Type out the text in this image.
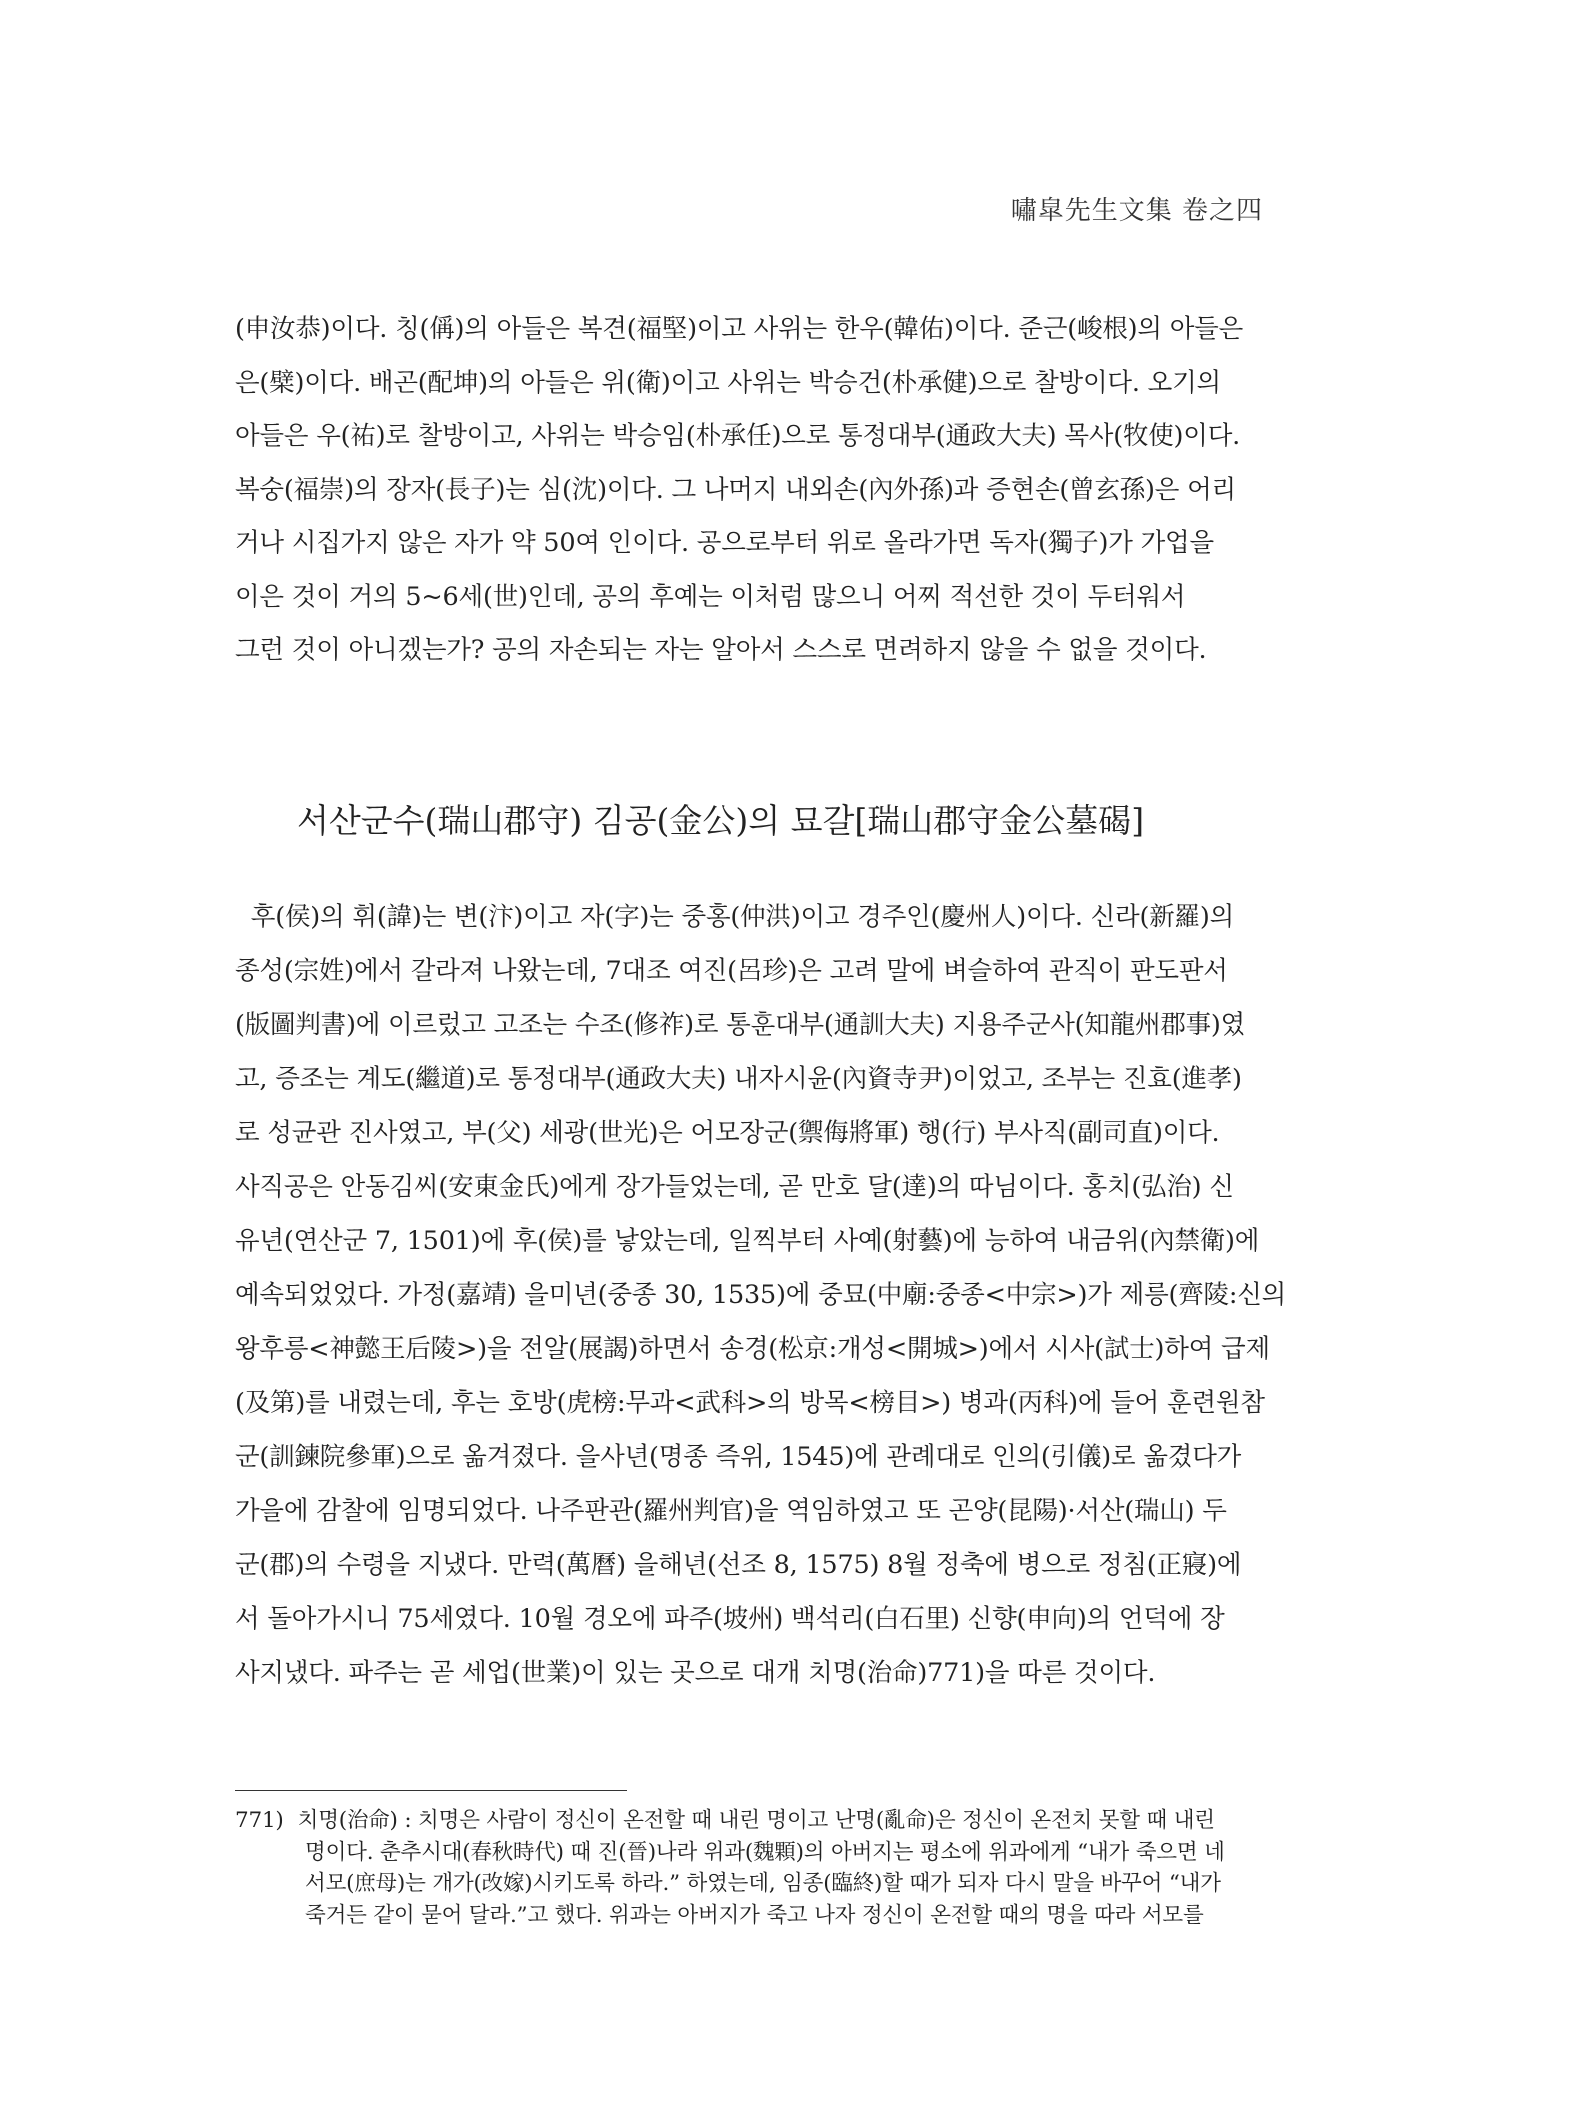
嘯皐先生文集 卷之四
(申汝恭)이다. 칭(偁)의 아들은 복견(福堅)이고 사위는 한우(韓佑)이다. 준근(峻根)의 아들은
은(檗)이다. 배곤(配坤)의 아들은 위(衛)이고 사위는 박승건(朴承健)으로 찰방이다. 오기의
아들은 우(祐)로 찰방이고, 사위는 박승임(朴承任)으로 통정대부(通政大夫) 목사(牧使)이다.
복숭(福崇)의 장자(長子)는 심(沈)이다. 그 나머지 내외손(內外孫)과 증현손(曾玄孫)은 어리
거나 시집가지 않은 자가 약 50여 인이다. 공으로부터 위로 올라가면 독자(獨子)가 가업을
이은 것이 거의 5~6세(世)인데, 공의 후예는 이처럼 많으니 어찌 적선한 것이 두터워서
그런 것이 아니겠는가? 공의 자손되는 자는 알아서 스스로 면려하지 않을 수 없을 것이다.
서산군수(瑞山郡守) 김공(金公)의 묘갈[瑞山郡守金公墓碣]
후(侯)의 휘(諱)는 변(汴)이고 자(字)는 중홍(仲洪)이고 경주인(慶州人)이다. 신라(新羅)의
종성(宗姓)에서 갈라져 나왔는데, 7대조 여진(呂珍)은 고려 말에 벼슬하여 관직이 판도판서
(版圖判書)에 이르렀고 고조는 수조(修祚)로 통훈대부(通訓大夫) 지용주군사(知龍州郡事)였
고, 증조는 계도(繼道)로 통정대부(通政大夫) 내자시윤(內資寺尹)이었고, 조부는 진효(進孝)
로 성균관 진사였고, 부(父) 세광(世光)은 어모장군(禦侮將軍) 행(行) 부사직(副司直)이다.
사직공은 안동김씨(安東金氏)에게 장가들었는데, 곧 만호 달(達)의 따님이다. 홍치(弘治) 신
유년(연산군 7, 1501)에 후(侯)를 낳았는데, 일찍부터 사예(射藝)에 능하여 내금위(內禁衛)에
예속되었었다. 가정(嘉靖) 을미년(중종 30, 1535)에 중묘(中廟:중종<中宗>)가 제릉(齊陵:신의
왕후릉<神懿王后陵>)을 전알(展謁)하면서 송경(松京:개성<開城>)에서 시사(試士)하여 급제
(及第)를 내렸는데, 후는 호방(虎榜:무과<武科>의 방목<榜目>) 병과(丙科)에 들어 훈련원참
군(訓鍊院參軍)으로 옮겨졌다. 을사년(명종 즉위, 1545)에 관례대로 인의(引儀)로 옮겼다가
가을에 감찰에 임명되었다. 나주판관(羅州判官)을 역임하였고 또 곤양(昆陽)·서산(瑞山) 두
군(郡)의 수령을 지냈다. 만력(萬曆) 을해년(선조 8, 1575) 8월 정축에 병으로 정침(正寢)에
서 돌아가시니 75세였다. 10월 경오에 파주(坡州) 백석리(白石里) 신향(申向)의 언덕에 장
사지냈다. 파주는 곧 세업(世業)이 있는 곳으로 대개 치명(治命)771)을 따른 것이다.
771) 치명(治命) : 치명은 사람이 정신이 온전할 때 내린 명이고 난명(亂命)은 정신이 온전치 못할 때 내린
명이다. 춘추시대(春秋時代) 때 진(晉)나라 위과(魏顆)의 아버지는 평소에 위과에게 “내가 죽으면 네
서모(庶母)는 개가(改嫁)시키도록 하라.” 하였는데, 임종(臨終)할 때가 되자 다시 말을 바꾸어 “내가
죽거든 같이 묻어 달라.”고 했다. 위과는 아버지가 죽고 나자 정신이 온전할 때의 명을 따라 서모를
